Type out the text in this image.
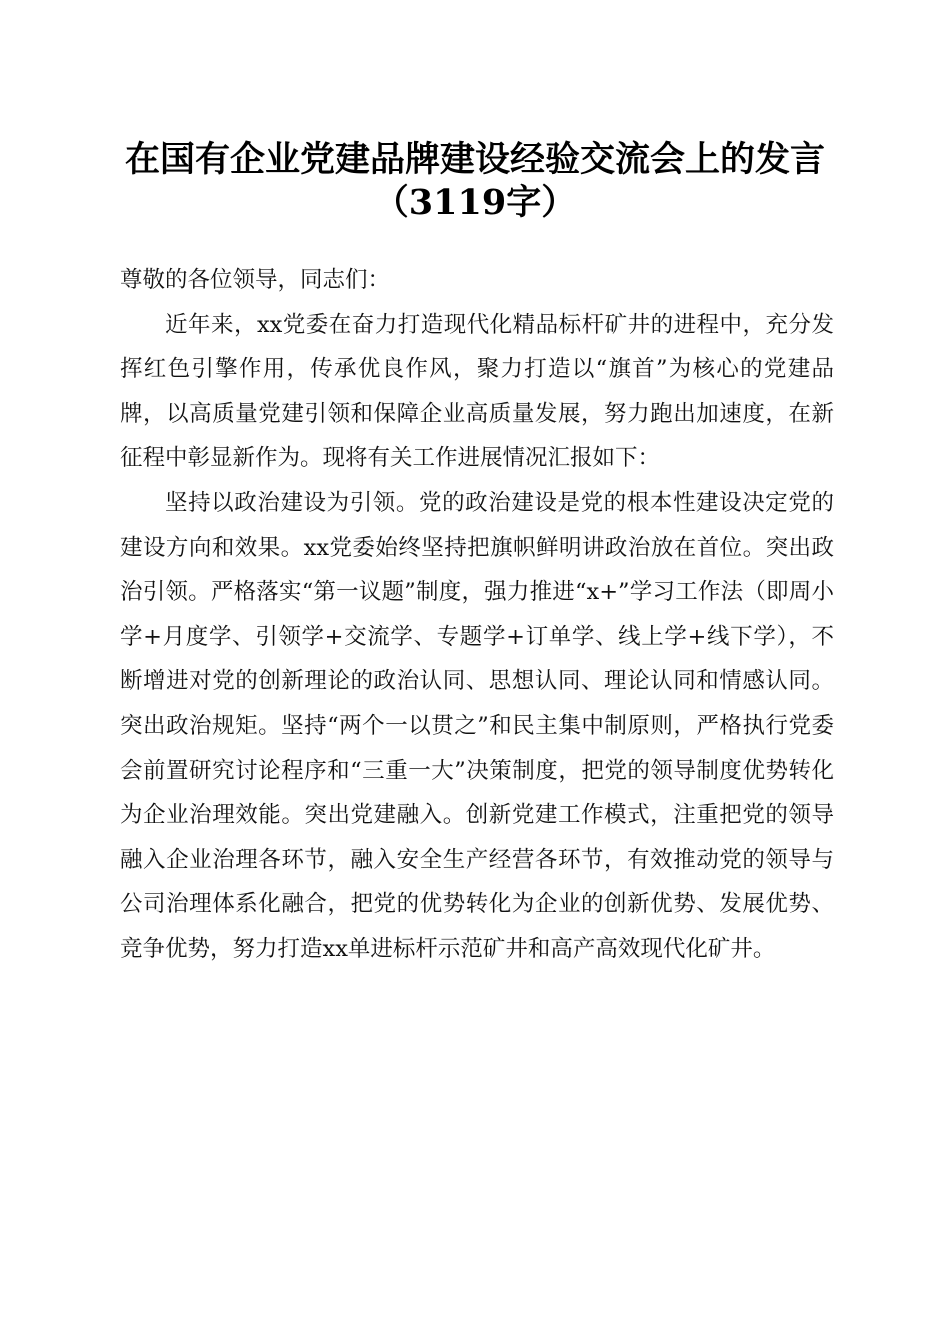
在国有企业党建品牌建设经验交流会上的发言
（3119字）

尊敬的各位领导，同志们：

近年来，xx党委在奋力打造现代化精品标杆矿井的进程中，充分发挥红色引擎作用，传承优良作风，聚力打造以“旗首”为核心的党建品牌，以高质量党建引领和保障企业高质量发展，努力跑出加速度，在新征程中彰显新作为。现将有关工作进展情况汇报如下：

坚持以政治建设为引领。党的政治建设是党的根本性建设决定党的建设方向和效果。xx党委始终坚持把旗帜鲜明讲政治放在首位。突出政治引领。严格落实“第一议题”制度，强力推进“x+”学习工作法（即周小学+月度学、引领学+交流学、专题学+订单学、线上学+线下学），不断增进对党的创新理论的政治认同、思想认同、理论认同和情感认同。突出政治规矩。坚持“两个一以贯之”和民主集中制原则，严格执行党委会前置研究讨论程序和“三重一大”决策制度，把党的领导制度优势转化为企业治理效能。突出党建融入。创新党建工作模式，注重把党的领导融入企业治理各环节，融入安全生产经营各环节，有效推动党的领导与公司治理体系化融合，把党的优势转化为企业的创新优势、发展优势、竞争优势，努力打造xx单进标杆示范矿井和高产高效现代化矿井。
